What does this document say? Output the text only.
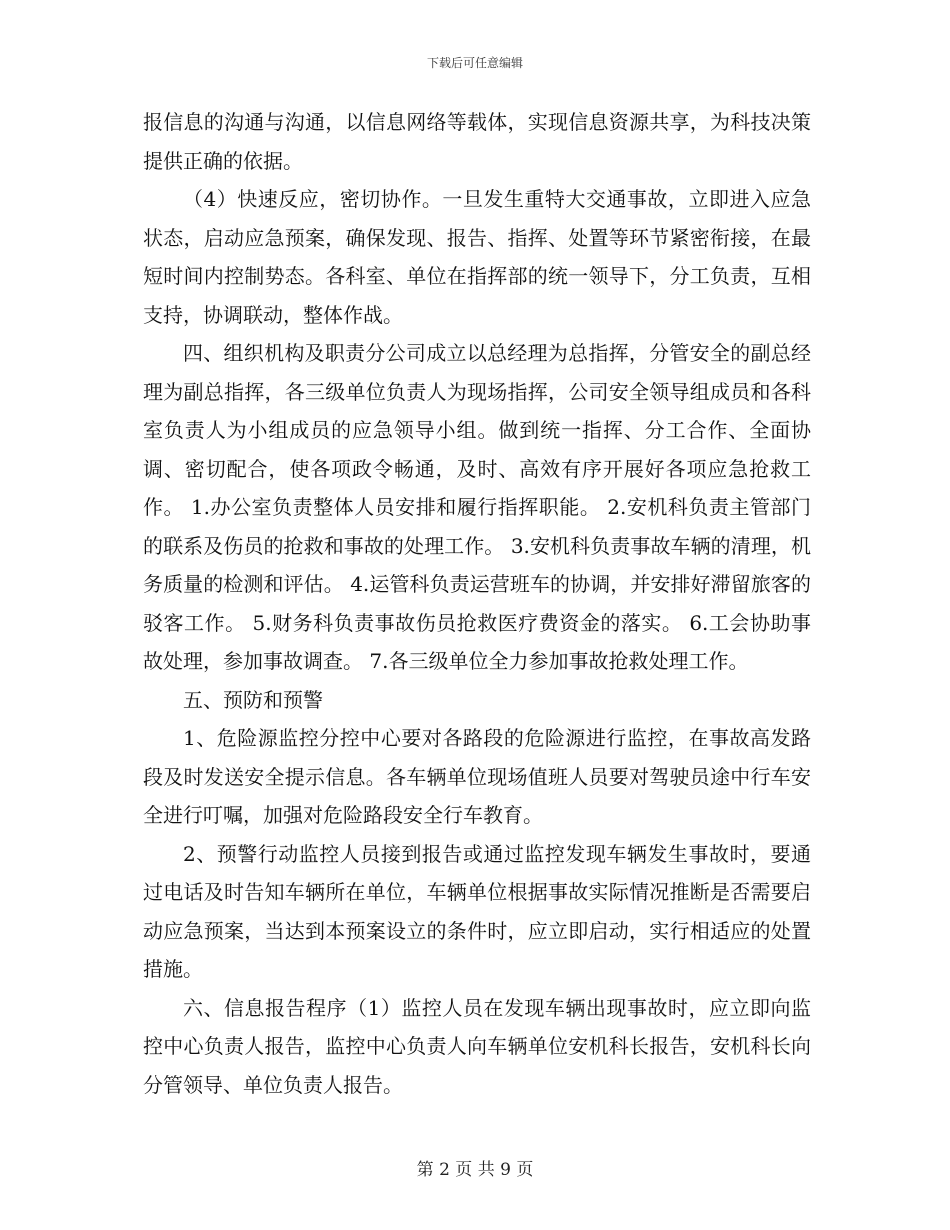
下载后可任意编辑

报信息的沟通与沟通，以信息网络等载体，实现信息资源共享，为科技决策提供正确的依据。

（4）快速反应，密切协作。一旦发生重特大交通事故，立即进入应急状态，启动应急预案，确保发现、报告、指挥、处置等环节紧密衔接，在最短时间内控制势态。各科室、单位在指挥部的统一领导下，分工负责，互相支持，协调联动，整体作战。

四、组织机构及职责分公司成立以总经理为总指挥，分管安全的副总经理为副总指挥，各三级单位负责人为现场指挥，公司安全领导组成员和各科室负责人为小组成员的应急领导小组。做到统一指挥、分工合作、全面协调、密切配合，使各项政令畅通，及时、高效有序开展好各项应急抢救工作。 1.办公室负责整体人员安排和履行指挥职能。 2.安机科负责主管部门的联系及伤员的抢救和事故的处理工作。 3.安机科负责事故车辆的清理，机务质量的检测和评估。 4.运管科负责运营班车的协调，并安排好滞留旅客的驳客工作。 5.财务科负责事故伤员抢救医疗费资金的落实。 6.工会协助事故处理，参加事故调查。 7.各三级单位全力参加事故抢救处理工作。

五、预防和预警

1、危险源监控分控中心要对各路段的危险源进行监控，在事故高发路段及时发送安全提示信息。各车辆单位现场值班人员要对驾驶员途中行车安全进行叮嘱，加强对危险路段安全行车教育。

2、预警行动监控人员接到报告或通过监控发现车辆发生事故时，要通过电话及时告知车辆所在单位，车辆单位根据事故实际情况推断是否需要启动应急预案，当达到本预案设立的条件时，应立即启动，实行相适应的处置措施。

六、信息报告程序（1）监控人员在发现车辆出现事故时，应立即向监控中心负责人报告，监控中心负责人向车辆单位安机科长报告，安机科长向分管领导、单位负责人报告。

第 2 页 共 9 页
